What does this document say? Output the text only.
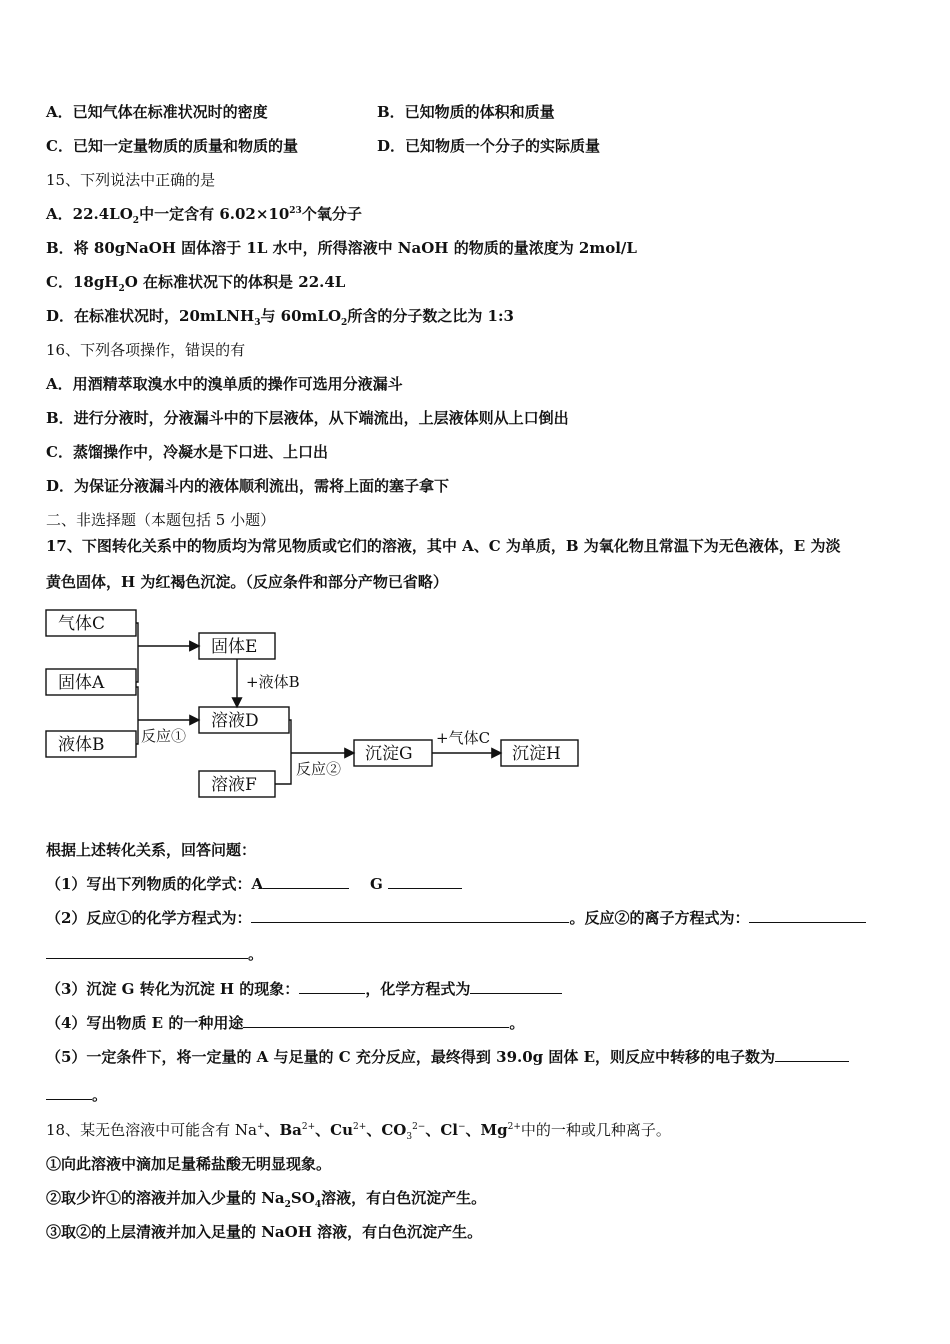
A．已知气体在标准状况时的密度	B．已知物质的体积和质量
C．已知一定量物质的质量和物质的量	D．已知物质一个分子的实际质量
15、下列说法中正确的是
A．$22.4LO_2$中一定含有 $6.02\times 10^{23}$个氧分子
B．将 80gNaOH 固体溶于 1L 水中，所得溶液中 NaOH 的物质的量浓度为 2mol/L
C．$18gH_2O$ 在标准状况下的体积是 22.4L
D．在标准状况时，20mLNH$_3$与 60mLO$_2$所含的分子数之比为 1:3
16、下列各项操作，错误的有
A．用酒精萃取溴水中的溴单质的操作可选用分液漏斗
B．进行分液时，分液漏斗中的下层液体，从下端流出，上层液体则从上口倒出
C．蒸馏操作中，冷凝水是下口进、上口出
D．为保证分液漏斗内的液体顺利流出，需将上面的塞子拿下
二、非选择题（本题包括 5 小题）
17、下图转化关系中的物质均为常见物质或它们的溶液，其中 A、C 为单质，B 为氧化物且常温下为无色液体，E 为淡
黄色固体，H 为红褐色沉淀。（反应条件和部分产物已省略）
气体C
固体A
液体B
固体E
溶液D
溶液F
沉淀G	沉淀H
+液体B
反应①
反应②
+气体C
根据上述转化关系，回答问题：
（1）写出下列物质的化学式：A	G
（2）反应①的化学方程式为：	。反应②的离子方程式为：
。
（3）沉淀 G 转化为沉淀 H 的现象：	，化学方程式为
（4）写出物质 E 的一种用途	。
（5）一定条件下，将一定量的 A 与足量的 C 充分反应，最终得到 39.0g 固体 E，则反应中转移的电子数为
。
18、某无色溶液中可能含有 Na+、$Ba^{2+}$、$Cu^{2+}$、$CO_3^{2-}$、Cl−、$Mg^{2+}$中的一种或几种离子。
①向此溶液中滴加足量稀盐酸无明显现象。
②取少许①的溶液并加入少量的 $Na_2SO_4$溶液，有白色沉淀产生。
③取②的上层清液并加入足量的 NaOH 溶液，有白色沉淀产生。
